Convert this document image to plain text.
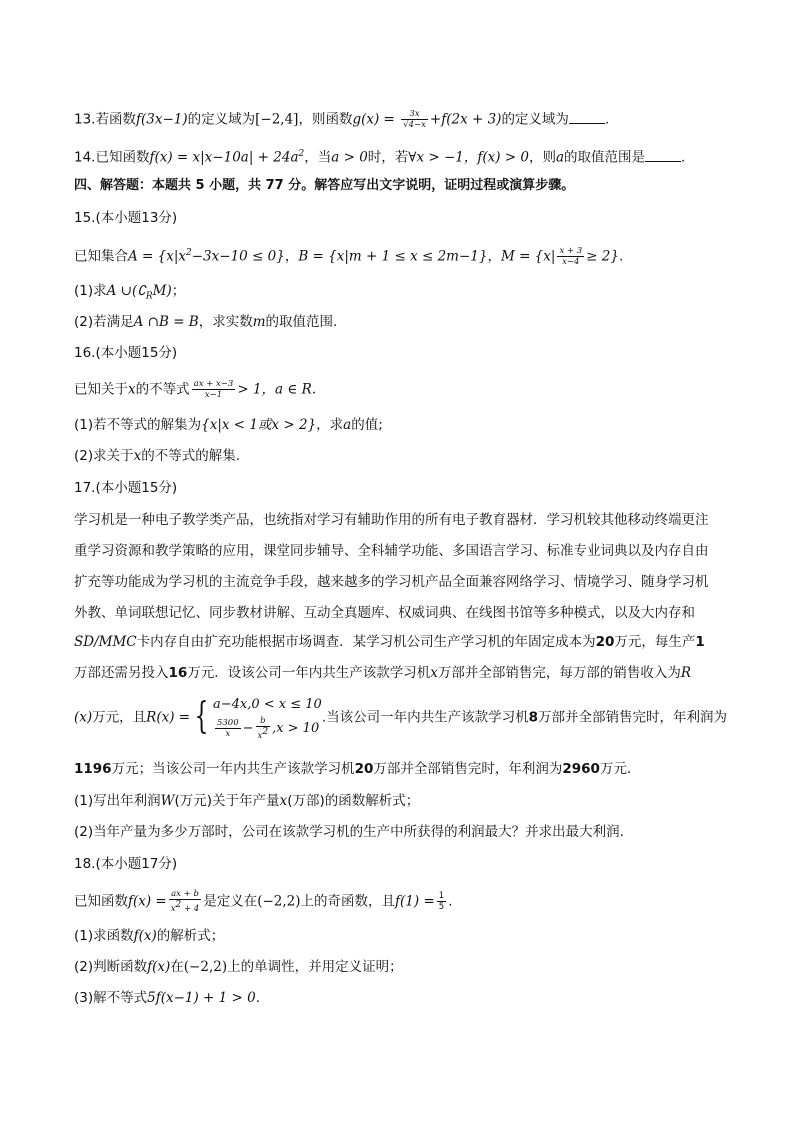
13.若函数f(3x−1)的定义域为[−2,4]，则函数$g(x) = \frac{3x}{√4-x} +f(2x + 3)$的定义域为	.
14.已知函数$f(x) = x|x-10a| + 24a^2$，当a > 0时，若∀x > −1，f(x) > 0，则a的取值范围是	.
四、解答题：本题共 5 小题，共 77 分。解答应写出文字说明，证明过程或演算步骤。
15.(本小题13分)
已知集合$A = \{x|x^2-3x-10 \le 0\}$，B = {x|m + 1 ≤ x ≤ 2m−1}，$M = \{x| \frac{x + 3}{x-4} \ge 2\}$.
(1)求A $\cup(∁_RM)$；
(2)若满足A ∩B = B，求实数m的取值范围.
16.(本小题15分)
已知关于x的不等式 $\frac{ax + x-3}{x-1} > 1$，a ∈ R.
(1)若不等式的解集为{x|x < 1或x > 2}，求a的值;
(2)求关于x的不等式的解集.
17.(本小题15分)
学习机是一种电子教学类产品，也统指对学习有辅助作用的所有电子教育器材．学习机较其他移动终端更注重学习资源和教学策略的应用，课堂同步辅导、全科辅学功能、多国语言学习、标准专业词典以及内存自由扩充等功能成为学习机的主流竞争手段，越来越多的学习机产品全面兼容网络学习、情境学习、随身学习机外教、单词联想记忆、同步教材讲解、互动全真题库、权威词典、在线图书馆等多种模式，以及大内存和
SD/MMC卡内存自由扩充功能根据市场调查．某学习机公司生产学习机的年固定成本为20万元，每生产1
万部还需另投入16万元．设该公司一年内共生产该款学习机x万部并全部销售完，每万部的销售收入为R
(x)万元，且R(x) = { a−4x,0 < x ≤ 10
$\frac{5300}{x} - \frac{b}{x^2} ,x > 10$
.当该公司一年内共生产该款学习机8万部并全部销售完时，年利润为
1196万元；当该公司一年内共生产该款学习机20万部并全部销售完时，年利润为2960万元．
(1)写出年利润W(万元)关于年产量x(万部)的函数解析式；
(2)当年产量为多少万部时，公司在该款学习机的生产中所获得的利润最大？并求出最大利润.
18.(本小题17分)
已知函数$f(x) = \frac{ax + b}{x^2 + 4}$ 是定义在(−2,2)上的奇函数，且$f(1) = \frac{1}{5}$ .
(1)求函数f(x)的解析式；
(2)判断函数f(x)在(−2,2)上的单调性，并用定义证明；
(3)解不等式5f(x−1) + 1 > 0.
